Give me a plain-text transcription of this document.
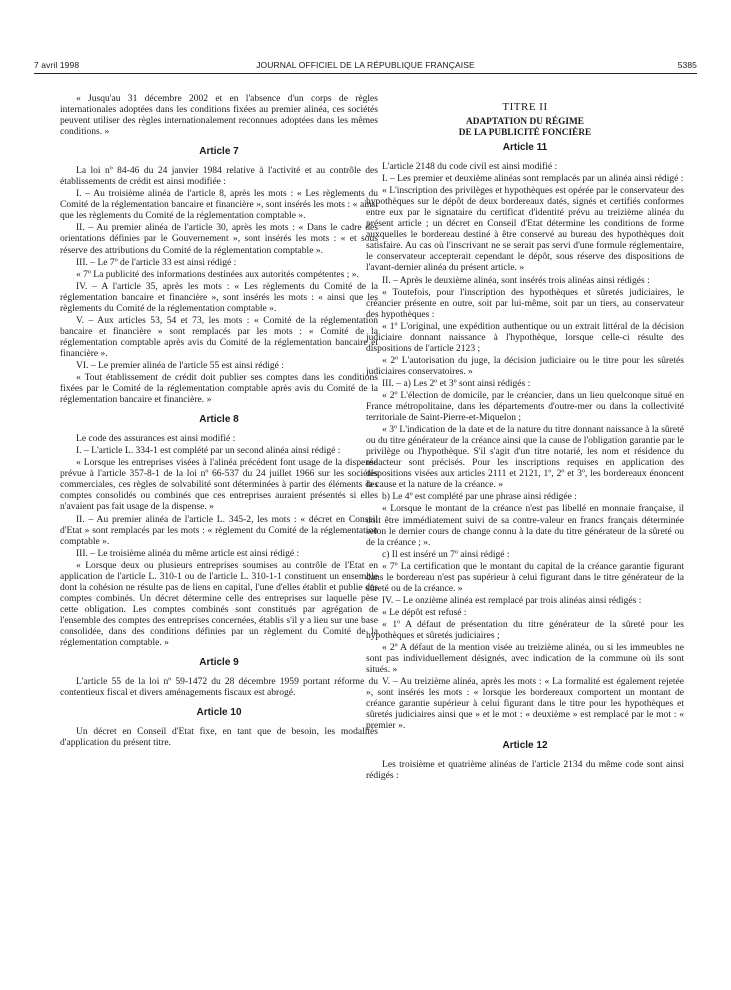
7 avril 1998	JOURNAL OFFICIEL DE LA RÉPUBLIQUE FRANÇAISE	5385

« Jusqu'au 31 décembre 2002 et en l'absence d'un corps de règles internationales adoptées dans les conditions fixées au premier alinéa, ces sociétés peuvent utiliser des règles internationalement reconnues adoptées dans les mêmes conditions. »

Article 7

La loi nº 84-46 du 24 janvier 1984 relative à l'activité et au contrôle des établissements de crédit est ainsi modifiée :

I. – Au troisième alinéa de l'article 8, après les mots : « Les règlements du Comité de la réglementation bancaire et financière », sont insérés les mots : « ainsi que les règlements du Comité de la réglementation comptable ».

II. – Au premier alinéa de l'article 30, après les mots : « Dans le cadre des orientations définies par le Gouvernement », sont insérés les mots : « et sous réserve des attributions du Comité de la réglementation comptable ».

III. – Le 7º de l'article 33 est ainsi rédigé :

« 7º La publicité des informations destinées aux autorités compétentes ; ».

IV. – A l'article 35, après les mots : « Les règlements du Comité de la réglementation bancaire et financière », sont insérés les mots : « ainsi que les règlements du Comité de la réglementation comptable ».

V. – Aux articles 53, 54 et 73, les mots : « Comité de la réglementation bancaire et financière » sont remplacés par les mots : « Comité de la réglementation comptable après avis du Comité de la réglementation bancaire et financière ».

VI. – Le premier alinéa de l'article 55 est ainsi rédigé :

« Tout établissement de crédit doit publier ses comptes dans les conditions fixées par le Comité de la réglementation comptable après avis du Comité de la réglementation bancaire et financière. »

Article 8

Le code des assurances est ainsi modifié :

I. – L'article L. 334-1 est complété par un second alinéa ainsi rédigé :

« Lorsque les entreprises visées à l'alinéa précédent font usage de la dispense prévue à l'article 357-8-1 de la loi nº 66-537 du 24 juillet 1966 sur les sociétés commerciales, ces règles de solvabilité sont déterminées à partir des éléments des comptes consolidés ou combinés que ces entreprises auraient présentés si elles n'avaient pas fait usage de la dispense. »

II. – Au premier alinéa de l'article L. 345-2, les mots : « décret en Conseil d'Etat » sont remplacés par les mots : « règlement du Comité de la réglementation comptable ».

III. – Le troisième alinéa du même article est ainsi rédigé :

« Lorsque deux ou plusieurs entreprises soumises au contrôle de l'Etat en application de l'article L. 310-1 ou de l'article L. 310-1-1 constituent un ensemble dont la cohésion ne résulte pas de liens en capital, l'une d'elles établit et publie des comptes combinés. Un décret détermine celle des entreprises sur laquelle pèse cette obligation. Les comptes combinés sont constitués par agrégation de l'ensemble des comptes des entreprises concernées, établis s'il y a lieu sur une base consolidée, dans des conditions définies par un règlement du Comité de la réglementation comptable. »

Article 9

L'article 55 de la loi nº 59-1472 du 28 décembre 1959 portant réforme du contentieux fiscal et divers aménagements fiscaux est abrogé.

Article 10

Un décret en Conseil d'Etat fixe, en tant que de besoin, les modalités d'application du présent titre.

TITRE II

ADAPTATION DU RÉGIME

DE LA PUBLICITÉ FONCIÈRE

Article 11

L'article 2148 du code civil est ainsi modifié :

I. – Les premier et deuxième alinéas sont remplacés par un alinéa ainsi rédigé :

« L'inscription des privilèges et hypothèques est opérée par le conservateur des hypothèques sur le dépôt de deux bordereaux datés, signés et certifiés conformes entre eux par le signataire du certificat d'identité prévu au treizième alinéa du présent article ; un décret en Conseil d'Etat détermine les conditions de forme auxquelles le bordereau destiné à être conservé au bureau des hypothèques doit satisfaire. Au cas où l'inscrivant ne se serait pas servi d'une formule réglementaire, le conservateur accepterait cependant le dépôt, sous réserve des dispositions de l'avant-dernier alinéa du présent article. »

II. – Après le deuxième alinéa, sont insérés trois alinéas ainsi rédigés :

« Toutefois, pour l'inscription des hypothèques et sûretés judiciaires, le créancier présente en outre, soit par lui-même, soit par un tiers, au conservateur des hypothèques :

« 1º L'original, une expédition authentique ou un extrait littéral de la décision judiciaire donnant naissance à l'hypothèque, lorsque celle-ci résulte des dispositions de l'article 2123 ;

« 2º L'autorisation du juge, la décision judiciaire ou le titre pour les sûretés judiciaires conservatoires. »

III. – a) Les 2º et 3º sont ainsi rédigés :

« 2º L'élection de domicile, par le créancier, dans un lieu quelconque situé en France métropolitaine, dans les départements d'outre-mer ou dans la collectivité territoriale de Saint-Pierre-et-Miquelon ;

« 3º L'indication de la date et de la nature du titre donnant naissance à la sûreté ou du titre générateur de la créance ainsi que la cause de l'obligation garantie par le privilège ou l'hypothèque. S'il s'agit d'un titre notarié, les nom et résidence du rédacteur sont précisés. Pour les inscriptions requises en application des dispositions visées aux articles 2111 et 2121, 1º, 2º et 3º, les bordereaux énoncent la cause et la nature de la créance. »

b) Le 4º est complété par une phrase ainsi rédigée :

« Lorsque le montant de la créance n'est pas libellé en monnaie française, il doit être immédiatement suivi de sa contre-valeur en francs français déterminée selon le dernier cours de change connu à la date du titre générateur de la sûreté ou de la créance ; ».

c) Il est inséré un 7º ainsi rédigé :

« 7º La certification que le montant du capital de la créance garantie figurant dans le bordereau n'est pas supérieur à celui figurant dans le titre générateur de la sûreté ou de la créance. »

IV. – Le onzième alinéa est remplacé par trois alinéas ainsi rédigés :

« Le dépôt est refusé :

« 1º A défaut de présentation du titre générateur de la sûreté pour les hypothèques et sûretés judiciaires ;

« 2º A défaut de la mention visée au treizième alinéa, ou si les immeubles ne sont pas individuellement désignés, avec indication de la commune où ils sont situés. »

V. – Au treizième alinéa, après les mots : « La formalité est également rejetée », sont insérés les mots : « lorsque les bordereaux comportent un montant de créance garantie supérieur à celui figurant dans le titre pour les hypothèques et sûretés judiciaires ainsi que » et le mot : « deuxième » est remplacé par le mot : « premier ».

Article 12

Les troisième et quatrième alinéas de l'article 2134 du même code sont ainsi rédigés :
